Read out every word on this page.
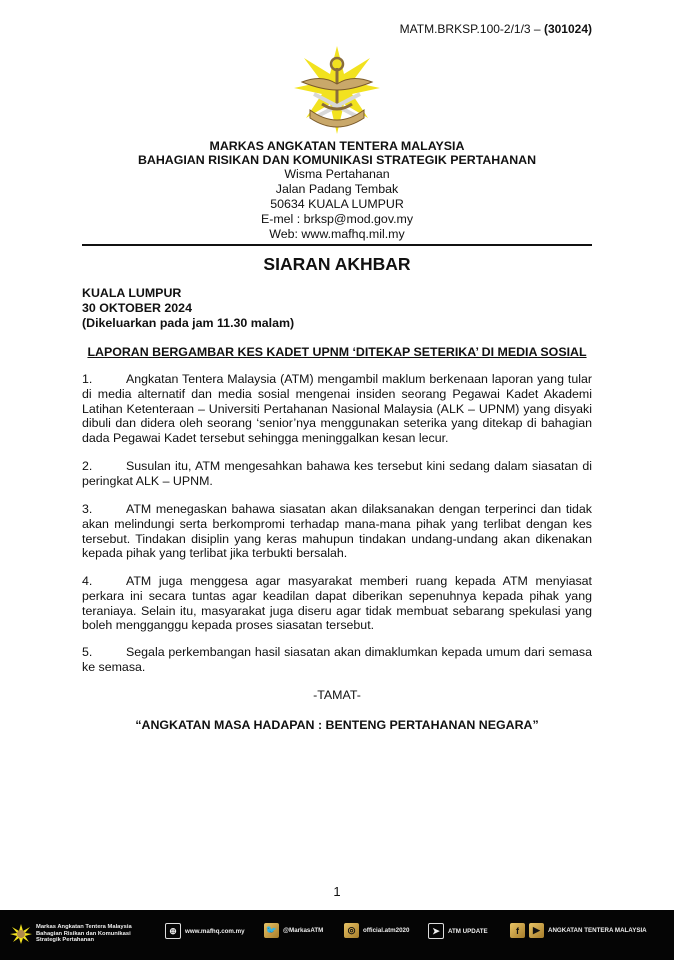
MATM.BRKSP.100-2/1/3 – (301024)
MARKAS ANGKATAN TENTERA MALAYSIA
BAHAGIAN RISIKAN DAN KOMUNIKASI STRATEGIK PERTAHANAN
Wisma Pertahanan
Jalan Padang Tembak
50634 KUALA LUMPUR
E-mel : brksp@mod.gov.my
Web: www.mafhq.mil.my
SIARAN AKHBAR
KUALA LUMPUR
30 OKTOBER 2024
(Dikeluarkan pada jam 11.30 malam)
LAPORAN BERGAMBAR KES KADET UPNM ‘DITEKAP SETERIKA’ DI MEDIA SOSIAL
1.	Angkatan Tentera Malaysia (ATM) mengambil maklum berkenaan laporan yang tular di media alternatif dan media sosial mengenai insiden seorang Pegawai Kadet Akademi Latihan Ketenteraan – Universiti Pertahanan Nasional Malaysia (ALK – UPNM) yang disyaki dibuli dan didera oleh seorang ‘senior’nya menggunakan seterika yang ditekap di bahagian dada Pegawai Kadet tersebut sehingga meninggalkan kesan lecur.
2.	Susulan itu, ATM mengesahkan bahawa kes tersebut kini sedang dalam siasatan di peringkat ALK – UPNM.
3.	ATM menegaskan bahawa siasatan akan dilaksanakan dengan terperinci dan tidak akan melindungi serta berkompromi terhadap mana-mana pihak yang terlibat dengan kes tersebut. Tindakan disiplin yang keras mahupun tindakan undang-undang akan dikenakan kepada pihak yang terlibat jika terbukti bersalah.
4.	ATM juga menggesa agar masyarakat memberi ruang kepada ATM menyiasat perkara ini secara tuntas agar keadilan dapat diberikan sepenuhnya kepada pihak yang teraniaya. Selain itu, masyarakat juga diseru agar tidak membuat sebarang spekulasi yang boleh mengganggu kepada proses siasatan tersebut.
5.	Segala perkembangan hasil siasatan akan dimaklumkan kepada umum dari semasa ke semasa.
-TAMAT-
“ANGKATAN MASA HADAPAN : BENTENG PERTAHANAN NEGARA”
1
Markas Angkatan Tentera Malaysia
Bahagian Risikan dan Komunikasi
Strategik Pertahanan
⊕	www.mafhq.com.my 🐦 @MarkasATM	◎	official.atm2020	➤	ATM UPDATE	f	▶	ANGKATAN TENTERA MALAYSIA
